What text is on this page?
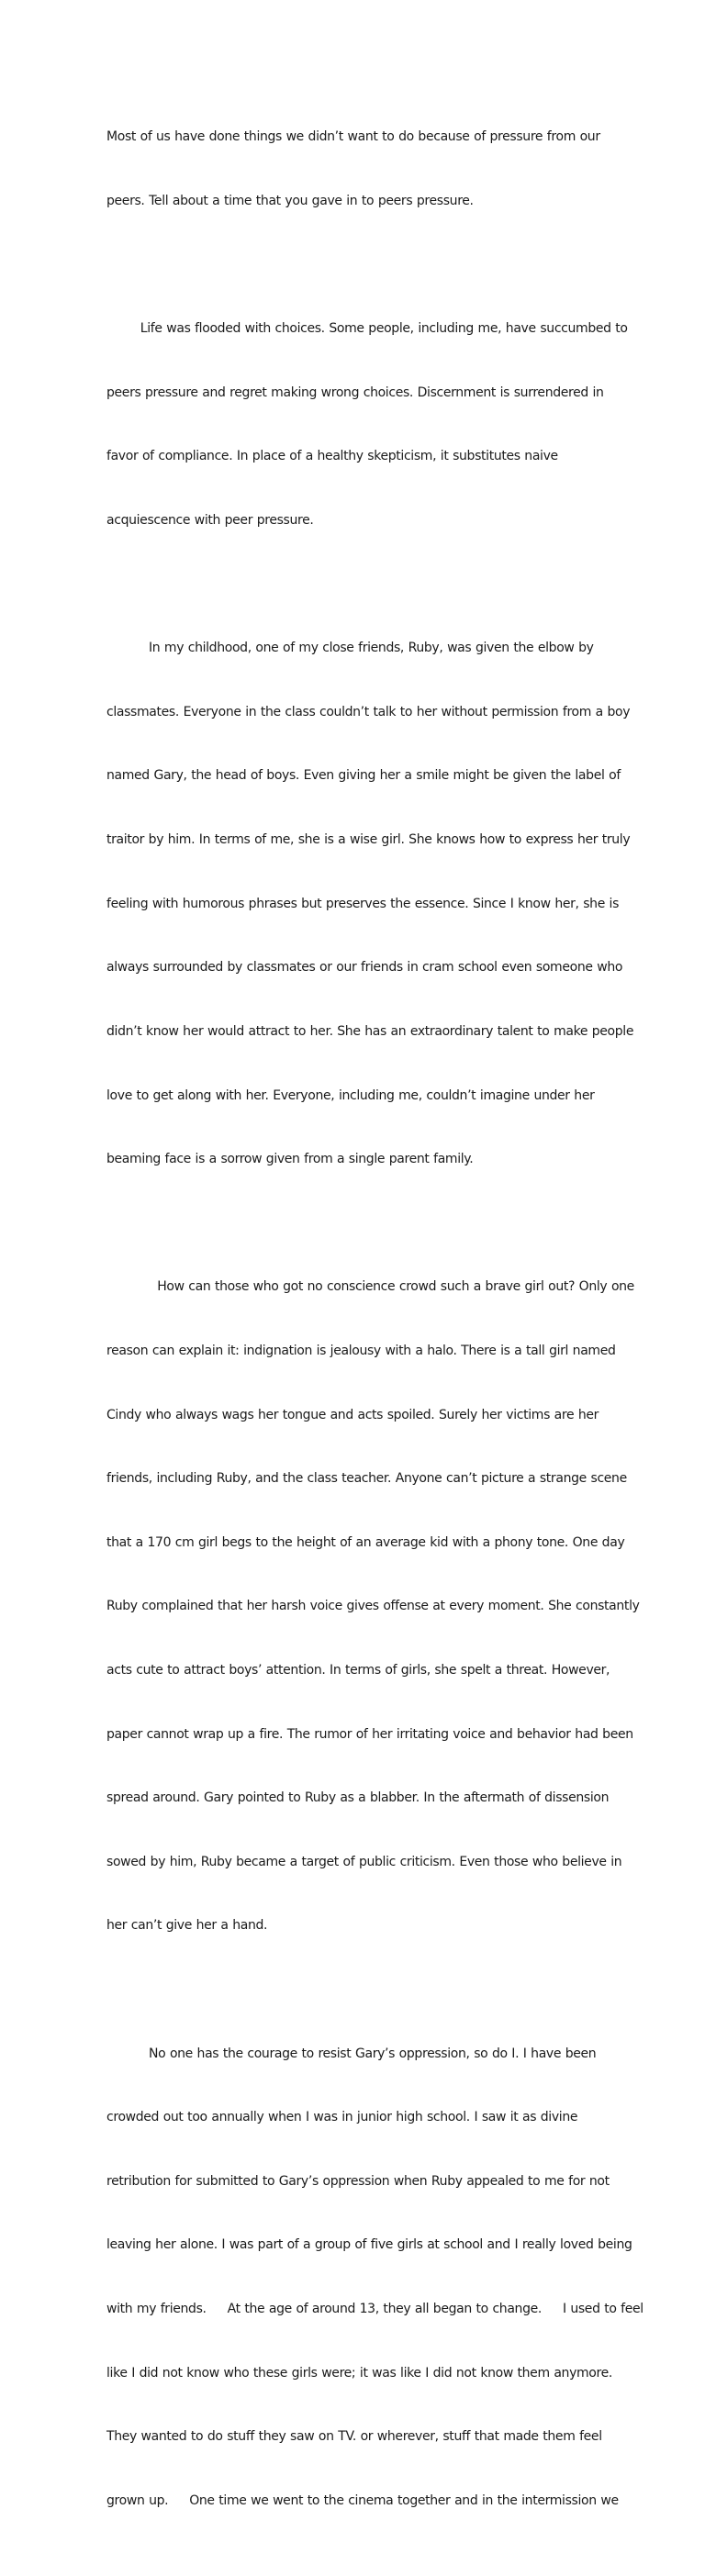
Most of us have done things we didn’t want to do because of pressure from our

peers. Tell about a time that you gave in to peers pressure.

Life was flooded with choices. Some people, including me, have succumbed to

peers pressure and regret making wrong choices. Discernment is surrendered in

favor of compliance. In place of a healthy skepticism, it substitutes naive

acquiescence with peer pressure.

In my childhood, one of my close friends, Ruby, was given the elbow by

classmates. Everyone in the class couldn’t talk to her without permission from a boy

named Gary, the head of boys. Even giving her a smile might be given the label of

traitor by him. In terms of me, she is a wise girl. She knows how to express her truly

feeling with humorous phrases but preserves the essence. Since I know her, she is

always surrounded by classmates or our friends in cram school even someone who

didn’t know her would attract to her. She has an extraordinary talent to make people

love to get along with her. Everyone, including me, couldn’t imagine under her

beaming face is a sorrow given from a single parent family.

How can those who got no conscience crowd such a brave girl out? Only one

reason can explain it: indignation is jealousy with a halo. There is a tall girl named

Cindy who always wags her tongue and acts spoiled. Surely her victims are her

friends, including Ruby, and the class teacher. Anyone can’t picture a strange scene

that a 170 cm girl begs to the height of an average kid with a phony tone. One day

Ruby complained that her harsh voice gives offense at every moment. She constantly

acts cute to attract boys’ attention. In terms of girls, she spelt a threat. However,

paper cannot wrap up a fire. The rumor of her irritating voice and behavior had been

spread around. Gary pointed to Ruby as a blabber. In the aftermath of dissension

sowed by him, Ruby became a target of public criticism. Even those who believe in

her can’t give her a hand.

No one has the courage to resist Gary’s oppression, so do I. I have been

crowded out too annually when I was in junior high school. I saw it as divine

retribution for submitted to Gary’s oppression when Ruby appealed to me for not

leaving her alone. I was part of a group of five girls at school and I really loved being

with my friends.     At the age of around 13, they all began to change.     I used to feel

like I did not know who these girls were; it was like I did not know them anymore.

They wanted to do stuff they saw on TV. or wherever, stuff that made them feel

grown up.     One time we went to the cinema together and in the intermission we
